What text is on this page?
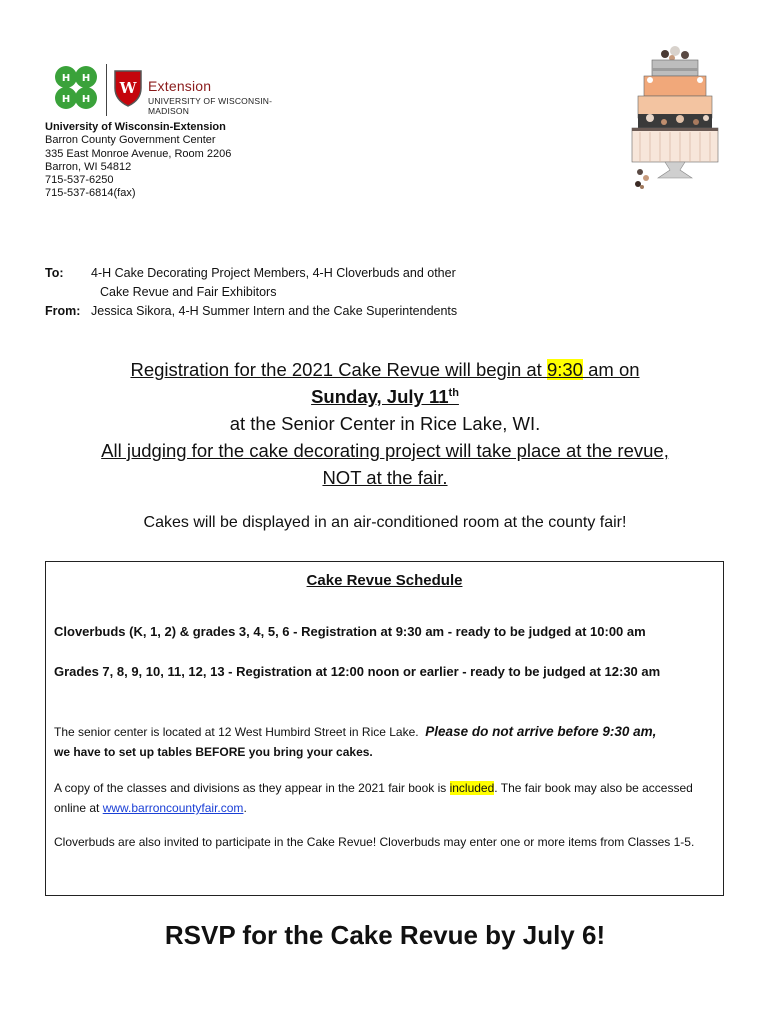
H H
H H
W Extension
UNIVERSITY OF WISCONSIN-MADISON
University of Wisconsin-Extension
Barron County Government Center
335 East Monroe Avenue, Room 2206
Barron, WI 54812
715-537-6250
715-537-6814(fax)
To: 4-H Cake Decorating Project Members, 4-H Cloverbuds and other
Cake Revue and Fair Exhibitors
From: Jessica Sikora, 4-H Summer Intern and the Cake Superintendents
Registration for the 2021 Cake Revue will begin at 9:30 am on
Sunday, July 11th
at the Senior Center in Rice Lake, WI.
All judging for the cake decorating project will take place at the revue,
NOT at the fair.
Cakes will be displayed in an air-conditioned room at the county fair!
Cake Revue Schedule
Cloverbuds (K, 1, 2) & grades 3, 4, 5, 6 - Registration at 9:30 am - ready to be judged at 10:00 am
Grades 7, 8, 9, 10, 11, 12, 13 - Registration at 12:00 noon or earlier - ready to be judged at 12:30 am
The senior center is located at 12 West Humbird Street in Rice Lake. Please do not arrive before 9:30 am,
we have to set up tables BEFORE you bring your cakes.
A copy of the classes and divisions as they appear in the 2021 fair book is included. The fair book may also be accessed online at www.barroncountyfair.com.
Cloverbuds are also invited to participate in the Cake Revue! Cloverbuds may enter one or more items from Classes 1-5.
RSVP for the Cake Revue by July 6!
